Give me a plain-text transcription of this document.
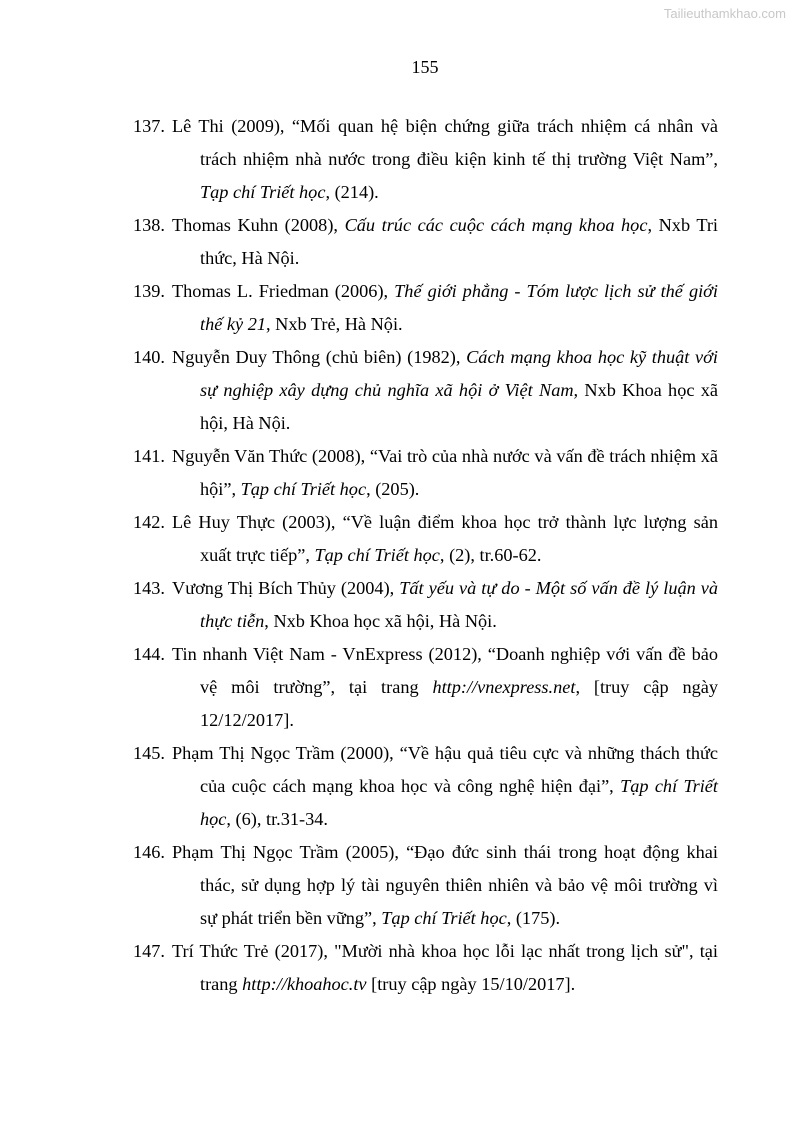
Tailieuthamkhao.com
155

137. Lê Thi (2009), “Mối quan hệ biện chứng giữa trách nhiệm cá nhân và trách nhiệm nhà nước trong điều kiện kinh tế thị trường Việt Nam”, Tạp chí Triết học, (214).

138. Thomas Kuhn (2008), Cấu trúc các cuộc cách mạng khoa học, Nxb Tri thức, Hà Nội.

139. Thomas L. Friedman (2006), Thế giới phẳng - Tóm lược lịch sử thế giới thế kỷ 21, Nxb Trẻ, Hà Nội.

140. Nguyễn Duy Thông (chủ biên) (1982), Cách mạng khoa học kỹ thuật với sự nghiệp xây dựng chủ nghĩa xã hội ở Việt Nam, Nxb Khoa học xã hội, Hà Nội.

141. Nguyễn Văn Thức (2008), “Vai trò của nhà nước và vấn đề trách nhiệm xã hội”, Tạp chí Triết học, (205).

142. Lê Huy Thực (2003), “Về luận điểm khoa học trở thành lực lượng sản xuất trực tiếp”, Tạp chí Triết học, (2), tr.60-62.

143. Vương Thị Bích Thủy (2004), Tất yếu và tự do - Một số vấn đề lý luận và thực tiễn, Nxb Khoa học xã hội, Hà Nội.

144. Tin nhanh Việt Nam - VnExpress (2012), “Doanh nghiệp với vấn đề bảo vệ môi trường”, tại trang http://vnexpress.net, [truy cập ngày 12/12/2017].

145. Phạm Thị Ngọc Trầm (2000), “Về hậu quả tiêu cực và những thách thức của cuộc cách mạng khoa học và công nghệ hiện đại”, Tạp chí Triết học, (6), tr.31-34.

146. Phạm Thị Ngọc Trầm (2005), “Đạo đức sinh thái trong hoạt động khai thác, sử dụng hợp lý tài nguyên thiên nhiên và bảo vệ môi trường vì sự phát triển bền vững”, Tạp chí Triết học, (175).

147. Trí Thức Trẻ (2017), "Mười nhà khoa học lỗi lạc nhất trong lịch sử", tại trang http://khoahoc.tv [truy cập ngày 15/10/2017].
